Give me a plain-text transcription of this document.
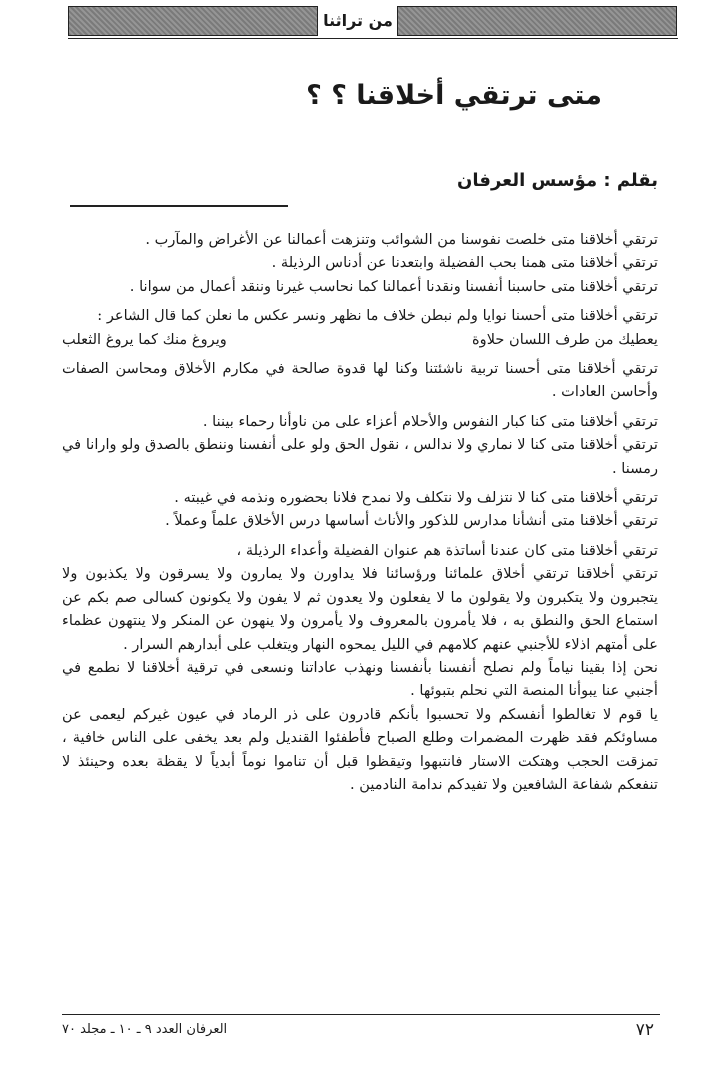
من تراثنا
متى ترتقي أخلاقنا ؟ ؟
بقلم : مؤسس العرفان

ترتقي أخلاقنا متى خلصت نفوسنا من الشوائب وتنزهت أعمالنا عن الأغراض والمآرب .

ترتقي أخلاقنا متى همنا بحب الفضيلة وابتعدنا عن أدناس الرذيلة .

ترتقي أخلاقنا متى حاسبنا أنفسنا ونقدنا أعمالنا كما نحاسب غيرنا وننقد أعمال من سوانا .

ترتقي أخلاقنا متى أحسنا نوايا ولم نبطن خلاف ما نظهر ونسر عكس ما نعلن كما قال الشاعر :

يعطيك من طرف اللسان حلاوة
ويروغ منك كما يروغ الثعلب

ترتقي أخلاقنا متى أحسنا تربية ناشئتنا وكنا لها قدوة صالحة في مكارم الأخلاق ومحاسن الصفات وأحاسن العادات .

ترتقي أخلاقنا متى كنا كبار النفوس والأحلام أعزاء على من ناوأنا رحماء بيننا .

ترتقي أخلاقنا متى كنا لا نماري ولا ندالس ، نقول الحق ولو على أنفسنا وننطق بالصدق ولو وارانا في رمسنا .

ترتقي أخلاقنا متى كنا لا نتزلف ولا نتكلف ولا نمدح فلانا بحضوره ونذمه في غيبته .

ترتقي أخلاقنا متى أنشأنا مدارس للذكور والأناث أساسها درس الأخلاق علماً وعملاً .

ترتقي أخلاقنا متى كان عندنا أساتذة هم عنوان الفضيلة وأعداء الرذيلة ،

ترتقي أخلاقنا ترتقي أخلاق علمائنا ورؤسائنا فلا يداورن ولا يمارون ولا يسرقون ولا يكذبون ولا يتجبرون ولا يتكبرون ولا يقولون ما لا يفعلون ولا يعدون ثم لا يفون ولا يكونون كسالى صم بكم عن استماع الحق والنطق به ، فلا يأمرون بالمعروف ولا يأمرون ولا ينهون عن المنكر ولا ينتهون عظماء على أمتهم اذلاء للأجنبي عنهم كلامهم في الليل يمحوه النهار ويتغلب على أبدارهم السرار .

نحن إذا بقينا نياماً ولم نصلح أنفسنا بأنفسنا ونهذب عاداتنا ونسعى في ترقية أخلاقنا لا نطمع في أجنبي عنا يبوأنا المنصة التي نحلم بتبوئها .

يا قوم لا تغالطوا أنفسكم ولا تحسبوا بأنكم قادرون على ذر الرماد في عيون غيركم ليعمى عن مساوئكم فقد ظهرت المضمرات وطلع الصباح فأطفئوا القنديل ولم بعد يخفى على الناس خافية ، تمزقت الحجب وهتكت الاستار فانتبهوا وتيقظوا قبل أن تناموا نوماً أبدياً لا يقظة بعده وحينئذ لا تنفعكم شفاعة الشافعين ولا تفيدكم ندامة النادمين .

٧٢
العرفان العدد ٩ ـ ١٠ ـ مجلد ٧٠
